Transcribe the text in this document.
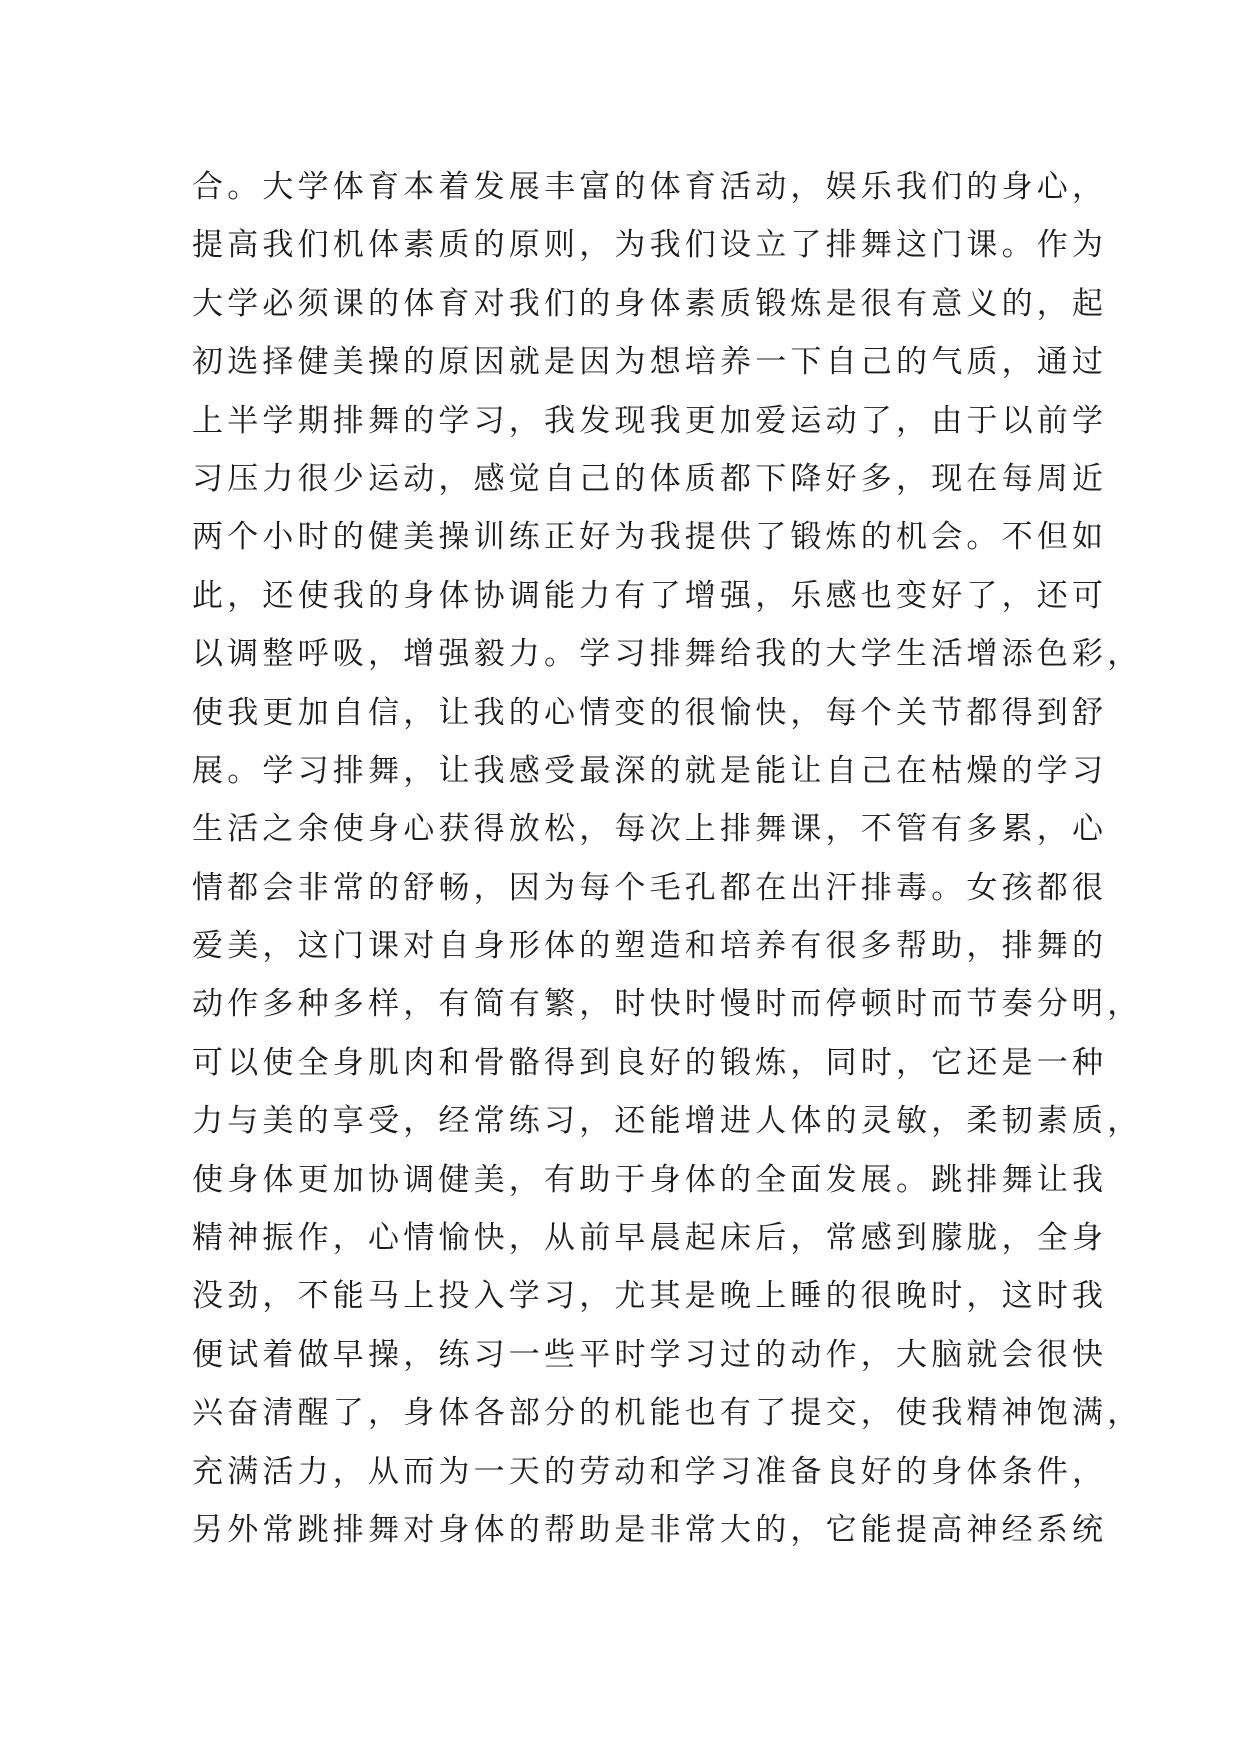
合。大学体育本着发展丰富的体育活动，娱乐我们的身心，
提高我们机体素质的原则，为我们设立了排舞这门课。作为
大学必须课的体育对我们的身体素质锻炼是很有意义的，起
初选择健美操的原因就是因为想培养一下自己的气质，通过
上半学期排舞的学习，我发现我更加爱运动了，由于以前学
习压力很少运动，感觉自己的体质都下降好多，现在每周近
两个小时的健美操训练正好为我提供了锻炼的机会。不但如
此，还使我的身体协调能力有了增强，乐感也变好了，还可
以调整呼吸，增强毅力。学习排舞给我的大学生活增添色彩，
使我更加自信，让我的心情变的很愉快，每个关节都得到舒
展。学习排舞，让我感受最深的就是能让自己在枯燥的学习
生活之余使身心获得放松，每次上排舞课，不管有多累，心
情都会非常的舒畅，因为每个毛孔都在出汗排毒。女孩都很
爱美，这门课对自身形体的塑造和培养有很多帮助，排舞的
动作多种多样，有简有繁，时快时慢时而停顿时而节奏分明，
可以使全身肌肉和骨骼得到良好的锻炼，同时，它还是一种
力与美的享受，经常练习，还能增进人体的灵敏，柔韧素质，
使身体更加协调健美，有助于身体的全面发展。跳排舞让我
精神振作，心情愉快，从前早晨起床后，常感到朦胧，全身
没劲，不能马上投入学习，尤其是晚上睡的很晚时，这时我
便试着做早操，练习一些平时学习过的动作，大脑就会很快
兴奋清醒了，身体各部分的机能也有了提交，使我精神饱满，
充满活力，从而为一天的劳动和学习准备良好的身体条件，
另外常跳排舞对身体的帮助是非常大的，它能提高神经系统
